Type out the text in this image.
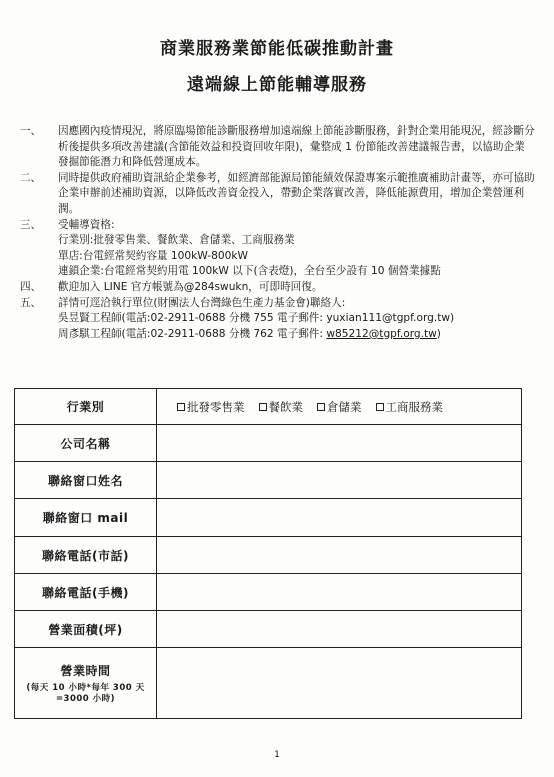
商業服務業節能低碳推動計畫
遠端線上節能輔導服務
一、	因應國內疫情現況，將原臨場節能診斷服務增加遠端線上節能診斷服務，針對企業用能現況，經診斷分析後提供多項改善建議(含節能效益和投資回收年限)，彙整成 1 份節能改善建議報告書，以協助企業發掘節能潛力和降低營運成本。
二、	同時提供政府補助資訊給企業參考，如經濟部能源局節能績效保證專案示範推廣補助計畫等，亦可協助企業申辦前述補助資源，以降低改善資金投入，帶動企業落實改善，降低能源費用，增加企業營運利潤。
三、	受輔導資格:
行業別:批發零售業、餐飲業、倉儲業、工商服務業
單店:台電經常契約容量 100kW-800kW
連鎖企業:台電經常契約用電 100kW 以下(含表燈)，全台至少設有 10 個營業據點
四、	歡迎加入 LINE 官方帳號為@284swukn，可即時回復。
五、	詳情可逕洽執行單位(財團法人台灣綠色生產力基金會)聯絡人:
吳昱賢工程師(電話:02-2911-0688 分機 755 電子郵件: yuxian111@tgpf.org.tw)
周彥騏工程師(電話:02-2911-0688 分機 762 電子郵件: w85212@tgpf.org.tw)
行業別	批發零售業 餐飲業 倉儲業 工商服務業
公司名稱	
聯絡窗口姓名	
聯絡窗口 mail	
聯絡電話(市話)	
聯絡電話(手機)	
營業面積(坪)	

營業時間
(每天 10 小時*每年 300 天
=3000 小時)	

1
